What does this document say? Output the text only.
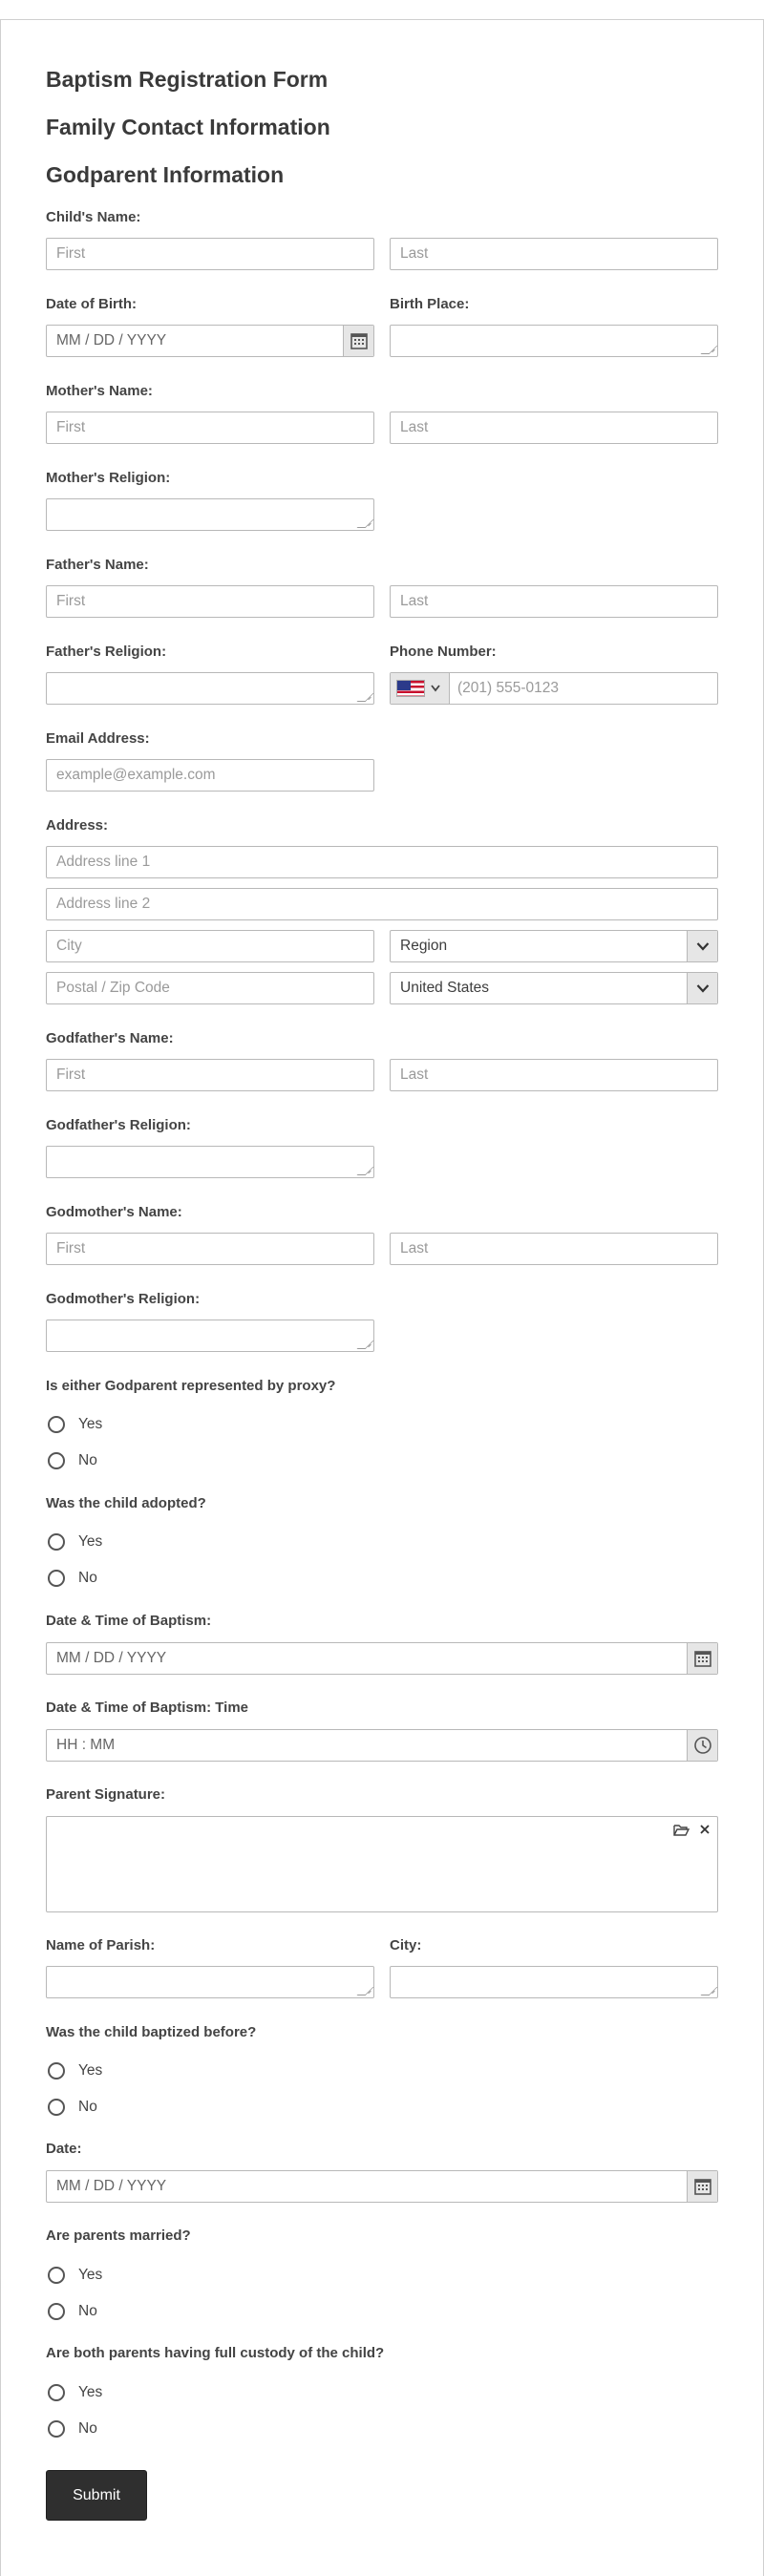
Baptism Registration Form
Family Contact Information
Godparent Information
Child's Name:
First	Last
Date of Birth:	Birth Place:
MM / DD / YYYY
Mother's Name:
First	Last
Mother's Religion:
Father's Name:
First	Last
Father's Religion:	Phone Number:
(201) 555-0123
Email Address:
example@example.com
Address:
Address line 1
Address line 2
City	Region
Postal / Zip Code	United States
Godfather's Name:
First	Last
Godfather's Religion:
Godmother's Name:
First	Last
Godmother's Religion:
Is either Godparent represented by proxy?
Yes
No
Was the child adopted?
Yes
No
Date & Time of Baptism:
MM / DD / YYYY
Date & Time of Baptism: Time
HH : MM
Parent Signature:
Name of Parish:	City:
Was the child baptized before?
Yes
No
Date:
MM / DD / YYYY
Are parents married?
Yes
No
Are both parents having full custody of the child?
Yes
No
Submit
